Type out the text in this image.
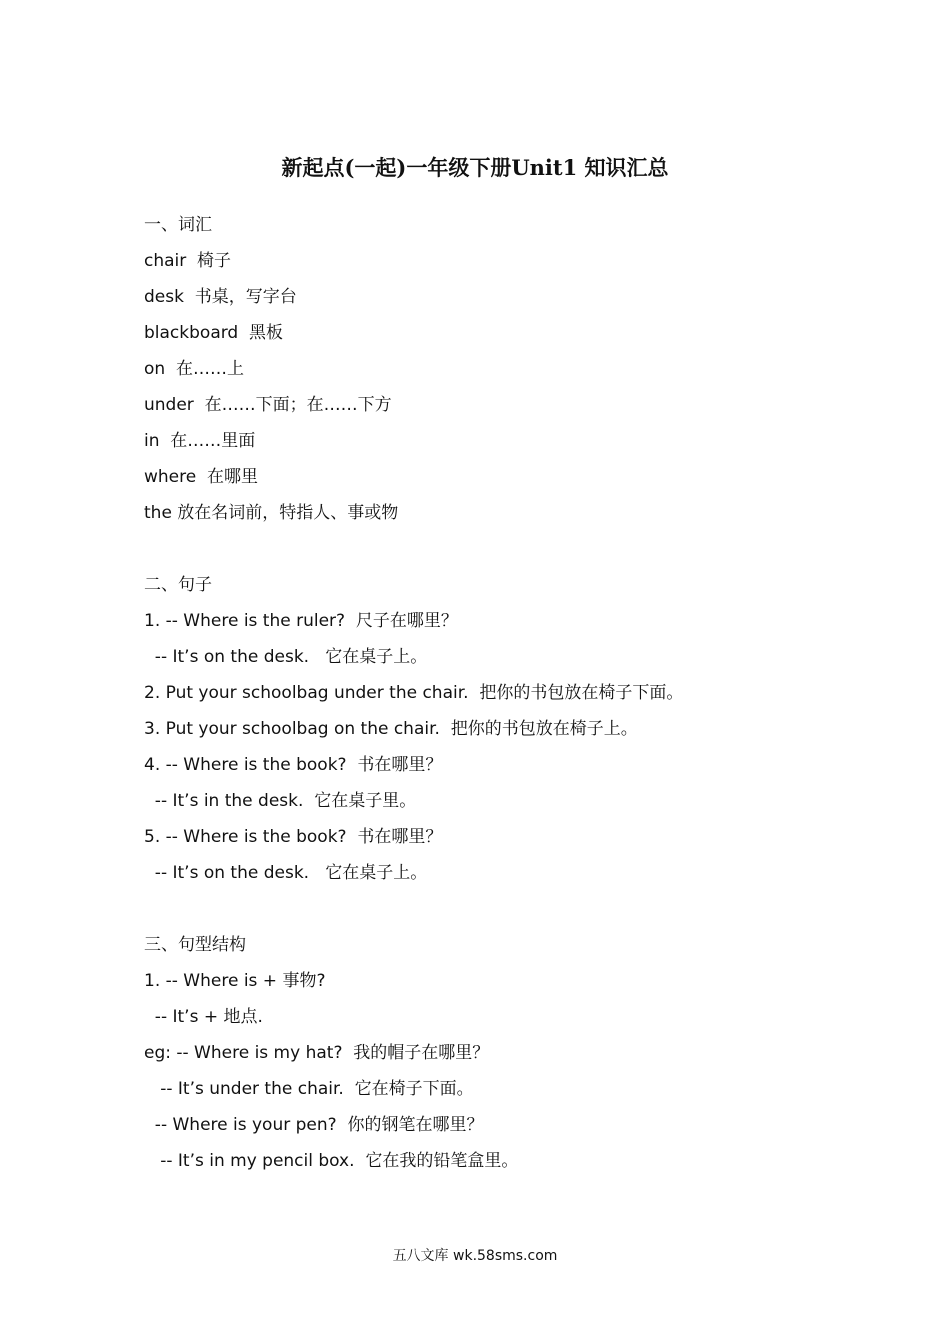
新起点(一起)一年级下册Unit1 知识汇总
一、词汇
chair  椅子
desk  书桌，写字台
blackboard  黑板
on  在……上
under  在……下面；在……下方
in  在……里面
where  在哪里
the 放在名词前，特指人、事或物
二、句子
1. -- Where is the ruler?  尺子在哪里？
-- It’s on the desk.   它在桌子上。
2. Put your schoolbag under the chair.  把你的书包放在椅子下面。
3. Put your schoolbag on the chair.  把你的书包放在椅子上。
4. -- Where is the book?  书在哪里？
-- It’s in the desk.  它在桌子里。
5. -- Where is the book?  书在哪里？
-- It’s on the desk.   它在桌子上。
三、句型结构
1. -- Where is + 事物?
-- It’s + 地点.
eg: -- Where is my hat?  我的帽子在哪里？
-- It’s under the chair.  它在椅子下面。
-- Where is your pen?  你的钢笔在哪里？
-- It’s in my pencil box.  它在我的铅笔盒里。
五八文库 wk.58sms.com
